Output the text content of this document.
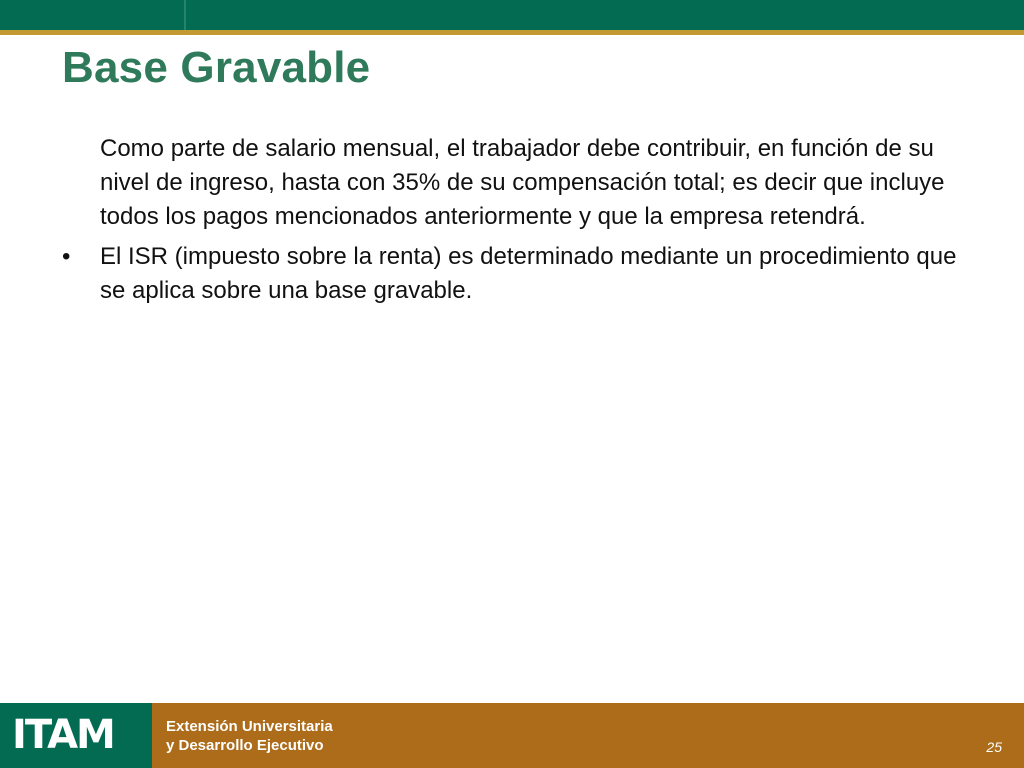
Base Gravable
Como parte de salario mensual, el trabajador debe contribuir, en función de su nivel de ingreso, hasta con 35% de su compensación total; es decir que incluye todos los pagos mencionados anteriormente y que la empresa retendrá.
•	El ISR (impuesto sobre la renta) es determinado mediante un procedimiento que se aplica sobre una base gravable.
ITAM	Extensión Universitaria
y Desarrollo Ejecutivo	25
